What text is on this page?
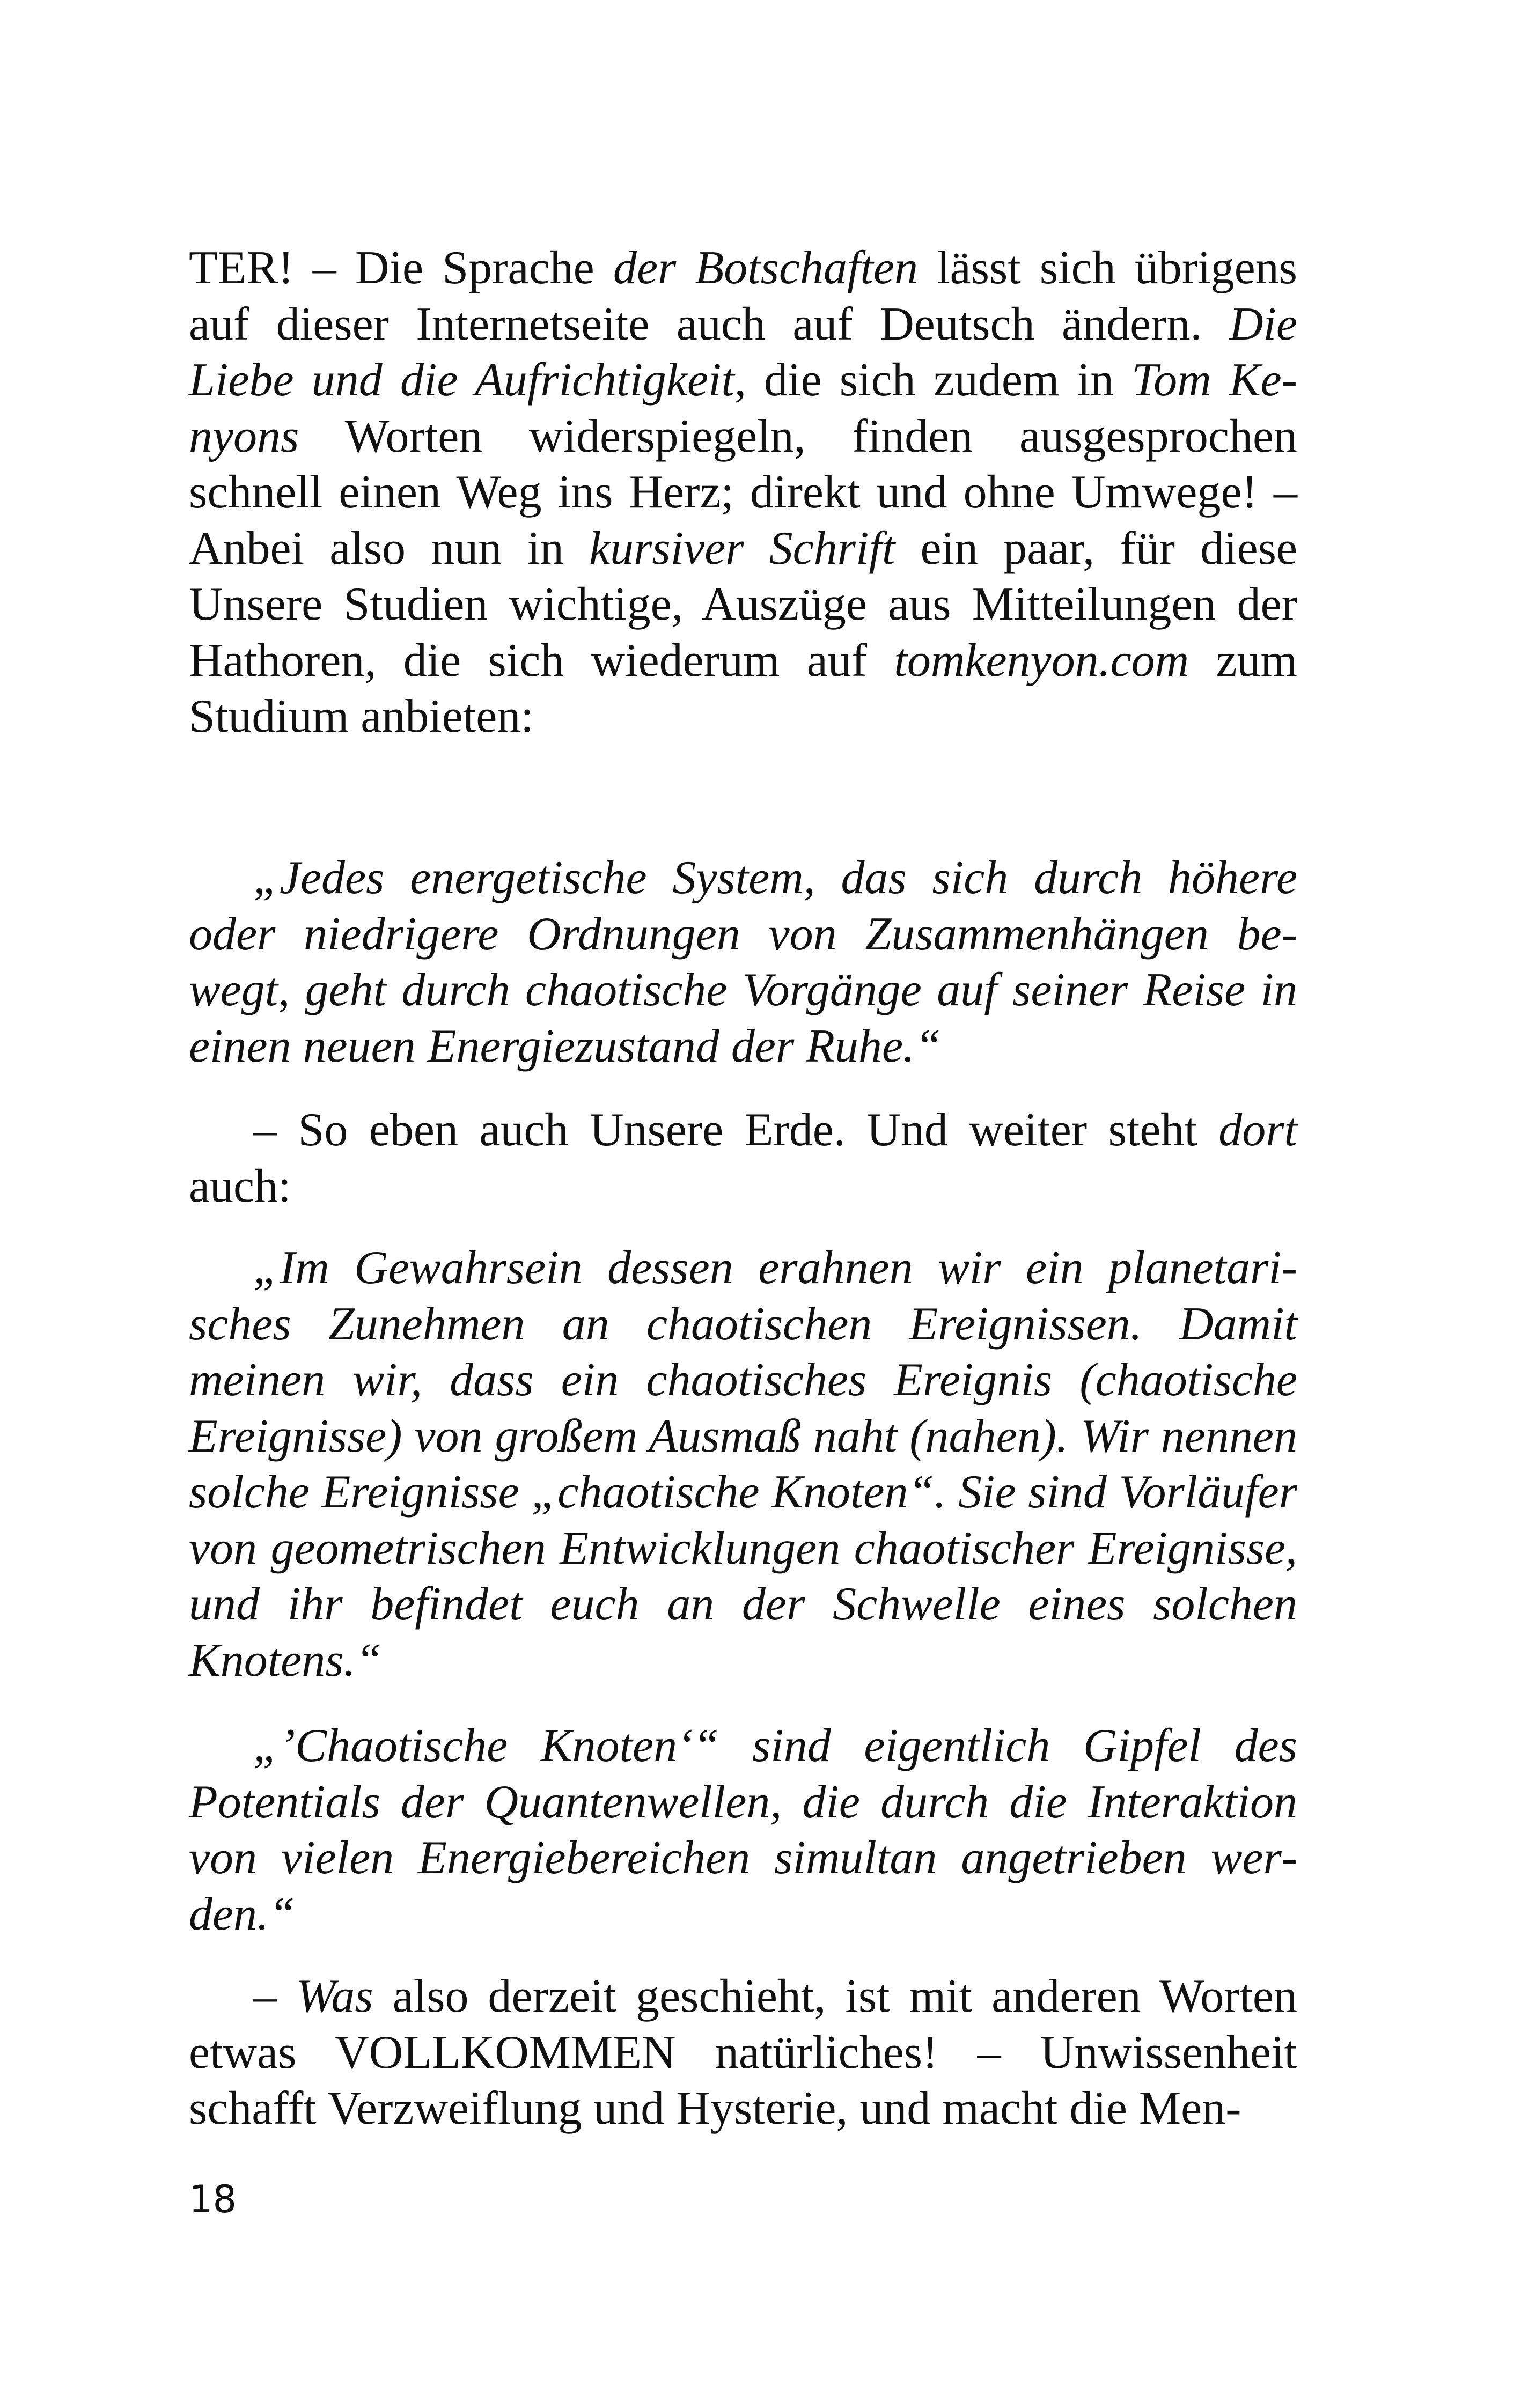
TER! – Die Sprache der Botschaften lässt sich übrigens auf dieser Internetseite auch auf Deutsch ändern. Die Liebe und die Aufrichtigkeit, die sich zudem in Tom Kenyons Worten widerspiegeln, finden ausgesprochen schnell einen Weg ins Herz; direkt und ohne Umwege! – Anbei also nun in kursiver Schrift ein paar, für diese Unsere Studien wichtige, Auszüge aus Mitteilungen der Hathoren, die sich wiederum auf tomkenyon.com zum Studium anbieten:

„Jedes energetische System, das sich durch höhere oder niedrigere Ordnungen von Zusammenhängen bewegt, geht durch chaotische Vorgänge auf seiner Reise in einen neuen Energiezustand der Ruhe.“

– So eben auch Unsere Erde. Und weiter steht dort auch:

„Im Gewahrsein dessen erahnen wir ein planetarisches Zunehmen an chaotischen Ereignissen. Damit meinen wir, dass ein chaotisches Ereignis (chaotische Ereignisse) von großem Ausmaß naht (nahen). Wir nennen solche Ereignisse „chaotische Knoten“. Sie sind Vorläufer von geometrischen Entwicklungen chaotischer Ereignisse, und ihr befindet euch an der Schwelle eines solchen Knotens.“

„’Chaotische Knoten‘“ sind eigentlich Gipfel des Potentials der Quantenwellen, die durch die Interaktion von vielen Energiebereichen simultan angetrieben werden.“

– Was also derzeit geschieht, ist mit anderen Worten etwas VOLLKOMMEN natürliches! – Unwissenheit schafft Verzweiflung und Hysterie, und macht die Men-

18
